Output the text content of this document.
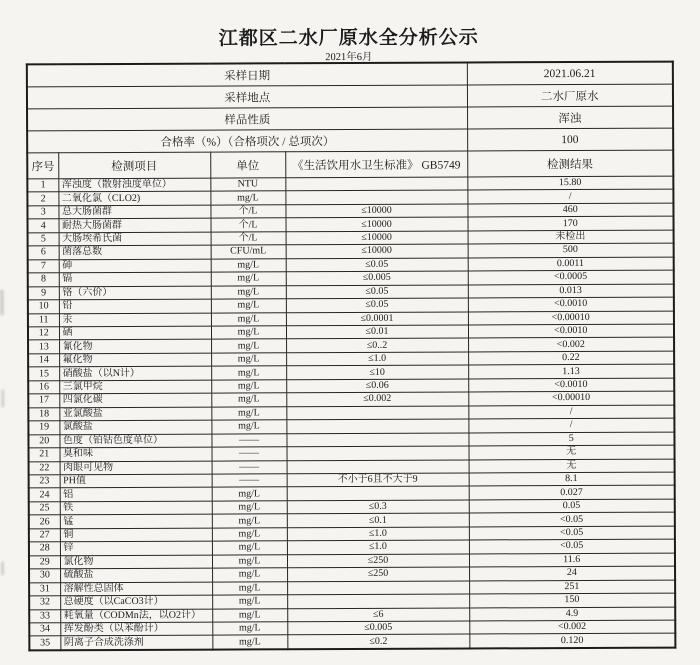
江都区二水厂原水全分析公示
2021年6月
采样日期				2021.06.21
采样地点				二水厂原水
样品性质				浑浊
合格率（%）（合格项次 / 总项次）				100
序号	检测项目	单位	《生活饮用水卫生标准》 GB5749	检测结果
1	浑浊度（散射浊度单位）	NTU		15.80
2	二氧化氯（CLO2)	mg/L		/
3	总大肠菌群	个/L	≤10000	460
4	耐热大肠菌群	个/L	≤10000	170
5	大肠埃希氏菌	个/L	≤10000	未检出
6	菌落总数	CFU/mL	≤10000	500
7	砷	mg/L	≤0.05	0.0011
8	镉	mg/L	≤0.005	<0.0005
9	铬（六价）	mg/L	≤0.05	0.013
10	铅	mg/L	≤0.05	<0.0010
11	汞	mg/L	≤0.0001	<0.00010
12	硒	mg/L	≤0.01	<0.0010
13	氰化物	mg/L	≤0..2	<0.002
14	氟化物	mg/L	≤1.0	0.22
15	硝酸盐（以N计）	mg/L	≤10	1.13
16	三氯甲烷	mg/L	≤0.06	<0.0010
17	四氯化碳	mg/L	≤0.002	<0.00010
18	亚氯酸盐	mg/L		/
19	氯酸盐	mg/L		/
20	色度（铂钴色度单位）	——		5
21	臭和味	——		无
22	肉眼可见物	——		无
23	PH值	——	不小于6且不大于9	8.1
24	铝	mg/L		0.027
25	铁	mg/L	≤0.3	0.05
26	锰	mg/L	≤0.1	<0.05
27	铜	mg/L	≤1.0	<0.05
28	锌	mg/L	≤1.0	<0.05
29	氯化物	mg/L	≤250	11.6
30	硫酸盐	mg/L	≤250	24
31	溶解性总固体	mg/L		251
32	总硬度（以CaCO3计）	mg/L		150
33	耗氧量（CODMn法，以O2计）	mg/L	≤6	4.9
34	挥发酚类（以苯酚计）	mg/L	≤0.005	<0.002
35	阴离子合成洗涤剂	mg/L	≤0.2	0.120
